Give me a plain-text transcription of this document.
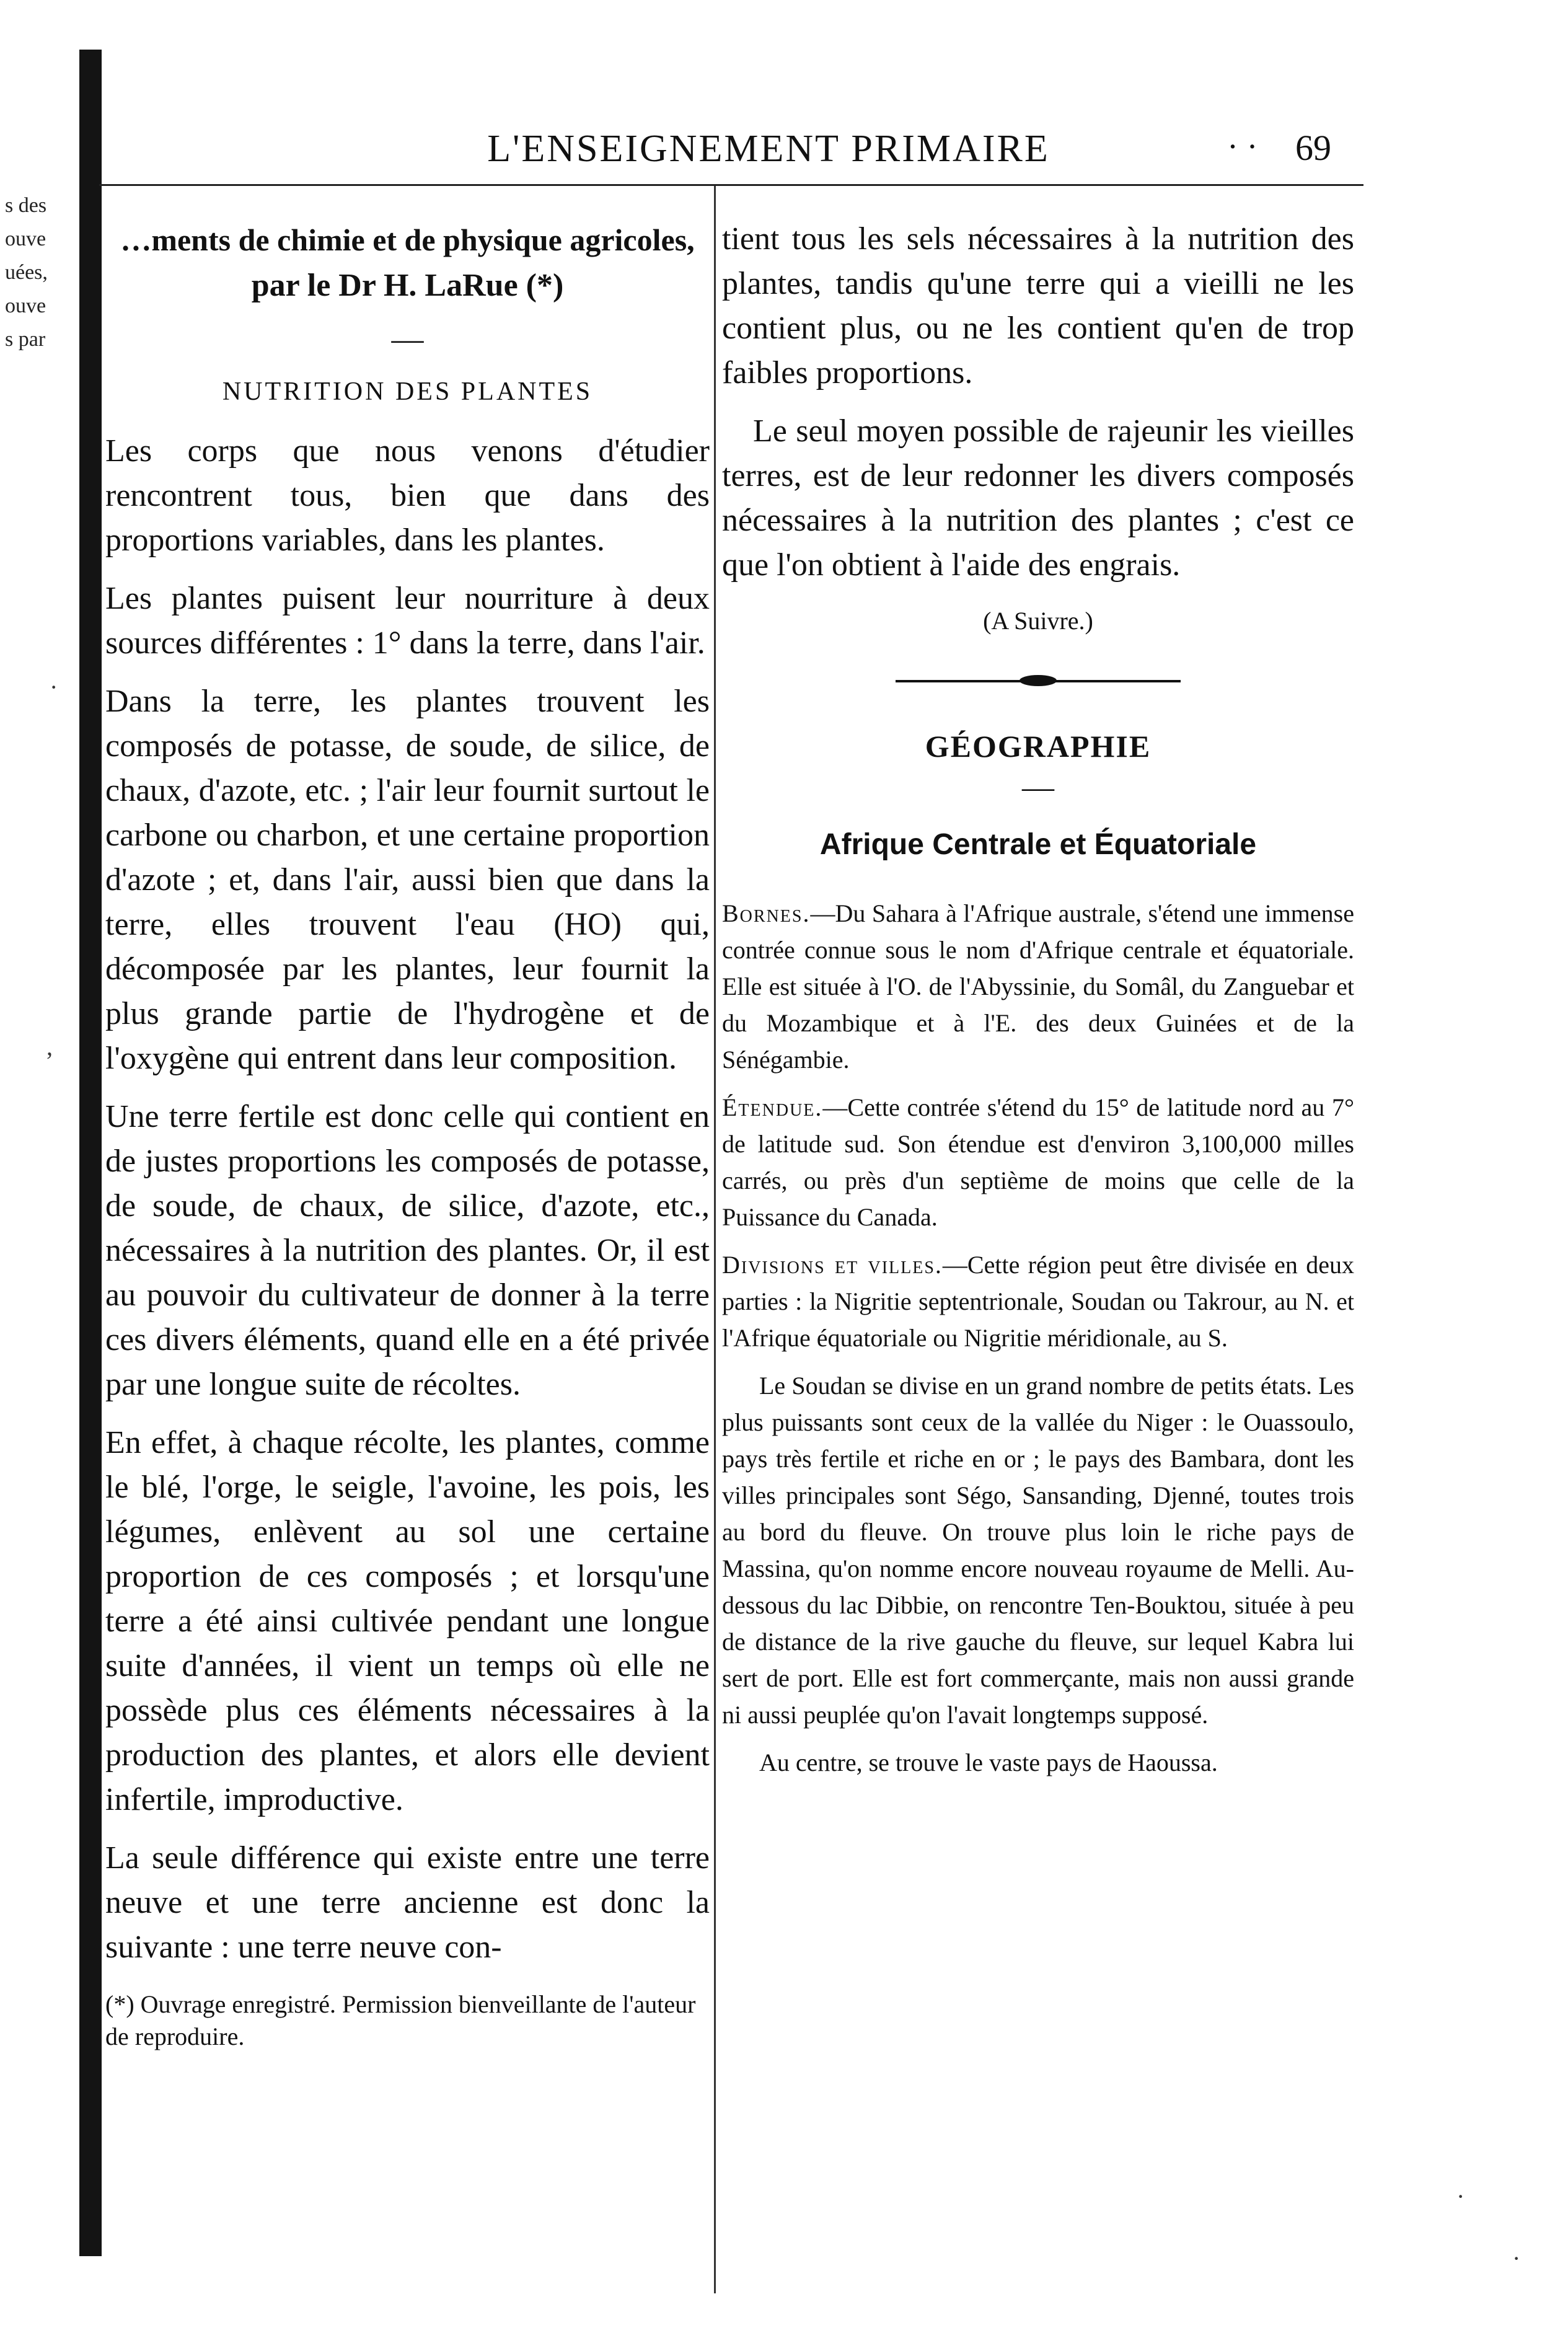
s des
ouve
uées,
ouve
s par
L'ENSEIGNEMENT PRIMAIRE	· · 69

…ments de chimie et de physique agricoles,

par le Dr H. LaRue (*)

—
NUTRITION DES PLANTES

Les corps que nous venons d'étudier rencontrent tous, bien que dans des proportions variables, dans les plantes.

Les plantes puisent leur nourriture à deux sources différentes : 1° dans la terre, dans l'air.

Dans la terre, les plantes trouvent les composés de potasse, de soude, de silice, de chaux, d'azote, etc. ; l'air leur fournit surtout le carbone ou charbon, et une certaine proportion d'azote ; et, dans l'air, aussi bien que dans la terre, elles trouvent l'eau (HO) qui, décomposée par les plantes, leur fournit la plus grande partie de l'hydrogène et de l'oxygène qui entrent dans leur composition.

Une terre fertile est donc celle qui contient en de justes proportions les composés de potasse, de soude, de chaux, de silice, d'azote, etc., nécessaires à la nutrition des plantes. Or, il est au pouvoir du cultivateur de donner à la terre ces divers éléments, quand elle en a été privée par une longue suite de récoltes.

En effet, à chaque récolte, les plantes, comme le blé, l'orge, le seigle, l'avoine, les pois, les légumes, enlèvent au sol une certaine proportion de ces composés ; et lorsqu'une terre a été ainsi cultivée pendant une longue suite d'années, il vient un temps où elle ne possède plus ces éléments nécessaires à la production des plantes, et alors elle devient infertile, improductive.

La seule différence qui existe entre une terre neuve et une terre ancienne est donc la suivante : une terre neuve con-

(*) Ouvrage enregistré. Permission bienveillante de l'auteur de reproduire.

tient tous les sels nécessaires à la nutrition des plantes, tandis qu'une terre qui a vieilli ne les contient plus, ou ne les contient qu'en de trop faibles proportions.

Le seul moyen possible de rajeunir les vieilles terres, est de leur redonner les divers composés nécessaires à la nutrition des plantes ; c'est ce que l'on obtient à l'aide des engrais.

(A Suivre.)
GÉOGRAPHIE
—
Afrique Centrale et Équatoriale

Bornes.—Du Sahara à l'Afrique australe, s'étend une immense contrée connue sous le nom d'Afrique centrale et équatoriale. Elle est située à l'O. de l'Abyssinie, du Somâl, du Zanguebar et du Mozambique et à l'E. des deux Guinées et de la Sénégambie.

Étendue.—Cette contrée s'étend du 15° de latitude nord au 7° de latitude sud. Son étendue est d'environ 3,100,000 milles carrés, ou près d'un septième de moins que celle de la Puissance du Canada.

Divisions et villes.—Cette région peut être divisée en deux parties : la Nigritie septentrionale, Soudan ou Takrour, au N. et l'Afrique équatoriale ou Nigritie méridionale, au S.

Le Soudan se divise en un grand nombre de petits états. Les plus puissants sont ceux de la vallée du Niger : le Ouassoulo, pays très fertile et riche en or ; le pays des Bambara, dont les villes principales sont Ségo, Sansanding, Djenné, toutes trois au bord du fleuve. On trouve plus loin le riche pays de Massina, qu'on nomme encore nouveau royaume de Melli. Au-dessous du lac Dibbie, on rencontre Ten-Bouktou, située à peu de distance de la rive gauche du fleuve, sur lequel Kabra lui sert de port. Elle est fort commerçante, mais non aussi grande ni aussi peuplée qu'on l'avait longtemps supposé.

Au centre, se trouve le vaste pays de Haoussa.

·
,
·
·
